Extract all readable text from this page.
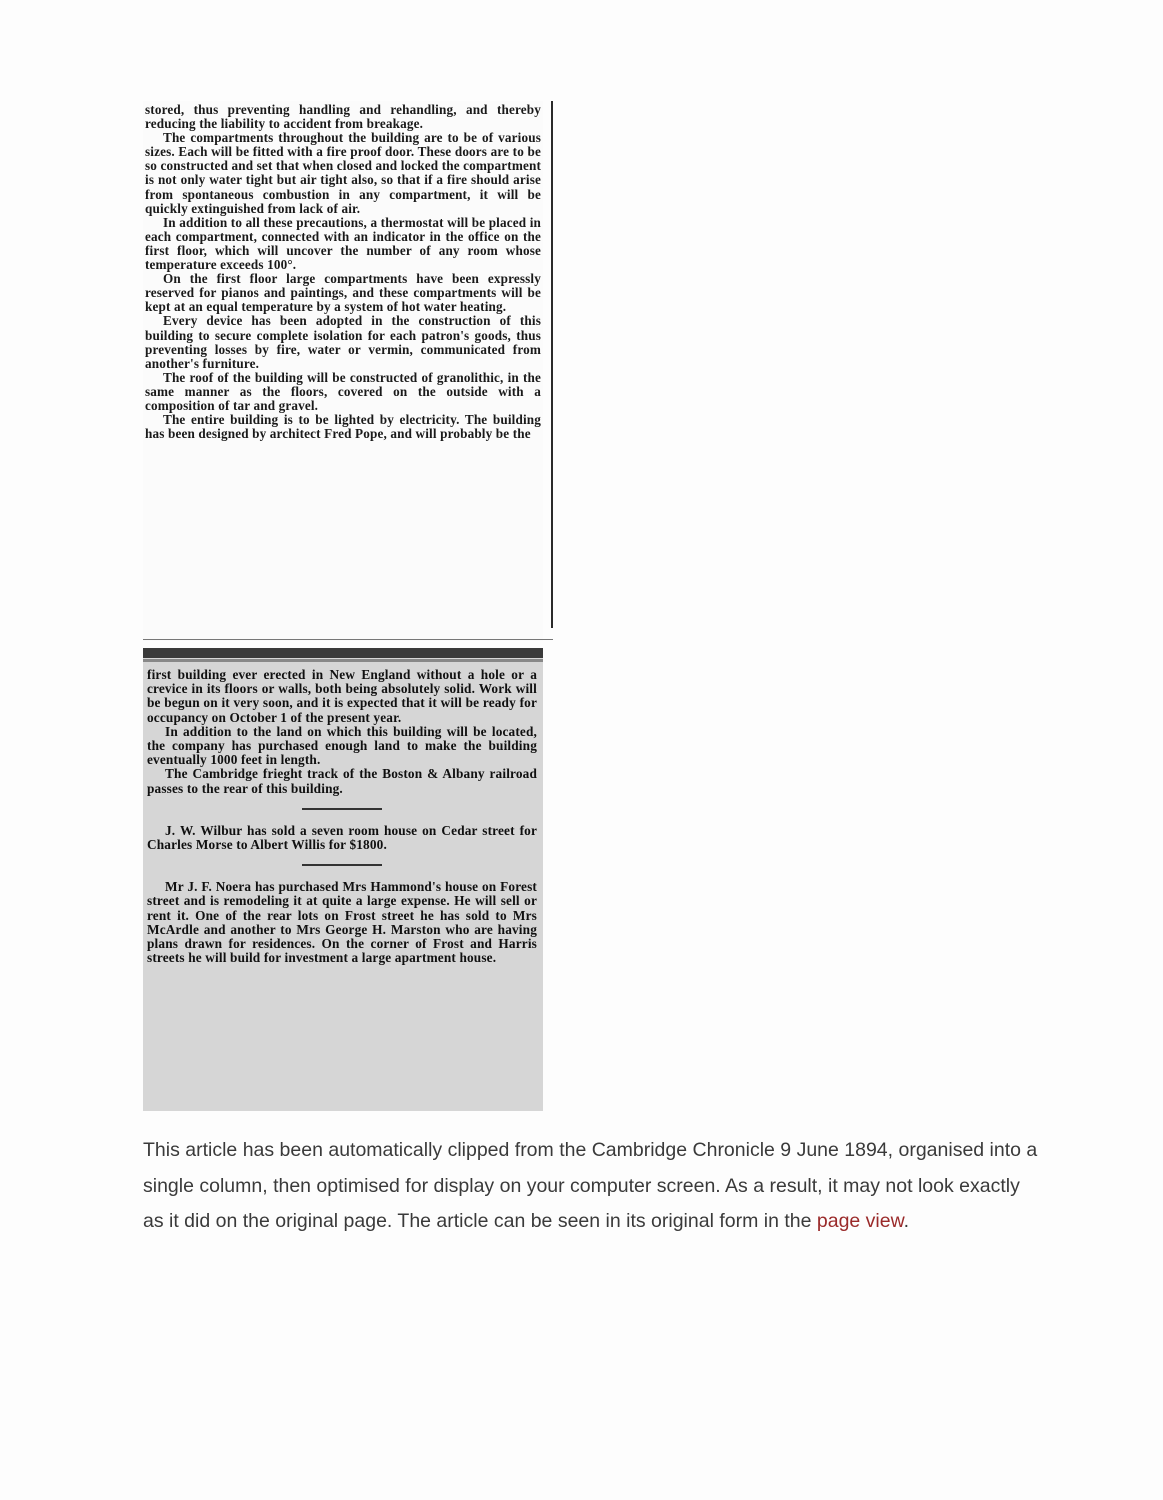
stored, thus preventing handling and rehandling, and thereby reducing the liability to accident from breakage.

The compartments throughout the building are to be of various sizes. Each will be fitted with a fire proof door. These doors are to be so constructed and set that when closed and locked the compartment is not only water tight but air tight also, so that if a fire should arise from spontaneous combustion in any compartment, it will be quickly extinguished from lack of air.

In addition to all these precautions, a thermostat will be placed in each compartment, connected with an indicator in the office on the first floor, which will uncover the number of any room whose temperature exceeds 100°.

On the first floor large compartments have been expressly reserved for pianos and paintings, and these compartments will be kept at an equal temperature by a system of hot water heating.

Every device has been adopted in the construction of this building to secure complete isolation for each patron's goods, thus preventing losses by fire, water or vermin, communicated from another's furniture.

The roof of the building will be constructed of granolithic, in the same manner as the floors, covered on the outside with a composition of tar and gravel.

The entire building is to be lighted by electricity. The building has been designed by architect Fred Pope, and will probably be the

first building ever erected in New England without a hole or a crevice in its floors or walls, both being absolutely solid. Work will be begun on it very soon, and it is expected that it will be ready for occupancy on October 1 of the present year.

In addition to the land on which this building will be located, the company has purchased enough land to make the building eventually 1000 feet in length.

The Cambridge frieght track of the Boston & Albany railroad passes to the rear of this building.

J. W. Wilbur has sold a seven room house on Cedar street for Charles Morse to Albert Willis for $1800.

Mr J. F. Noera has purchased Mrs Hammond's house on Forest street and is remodeling it at quite a large expense. He will sell or rent it. One of the rear lots on Frost street he has sold to Mrs McArdle and another to Mrs George H. Marston who are having plans drawn for residences. On the corner of Frost and Harris streets he will build for investment a large apartment house.

This article has been automatically clipped from the Cambridge Chronicle 9 June 1894, organised into a single column, then optimised for display on your computer screen. As a result, it may not look exactly as it did on the original page. The article can be seen in its original form in the page view.
